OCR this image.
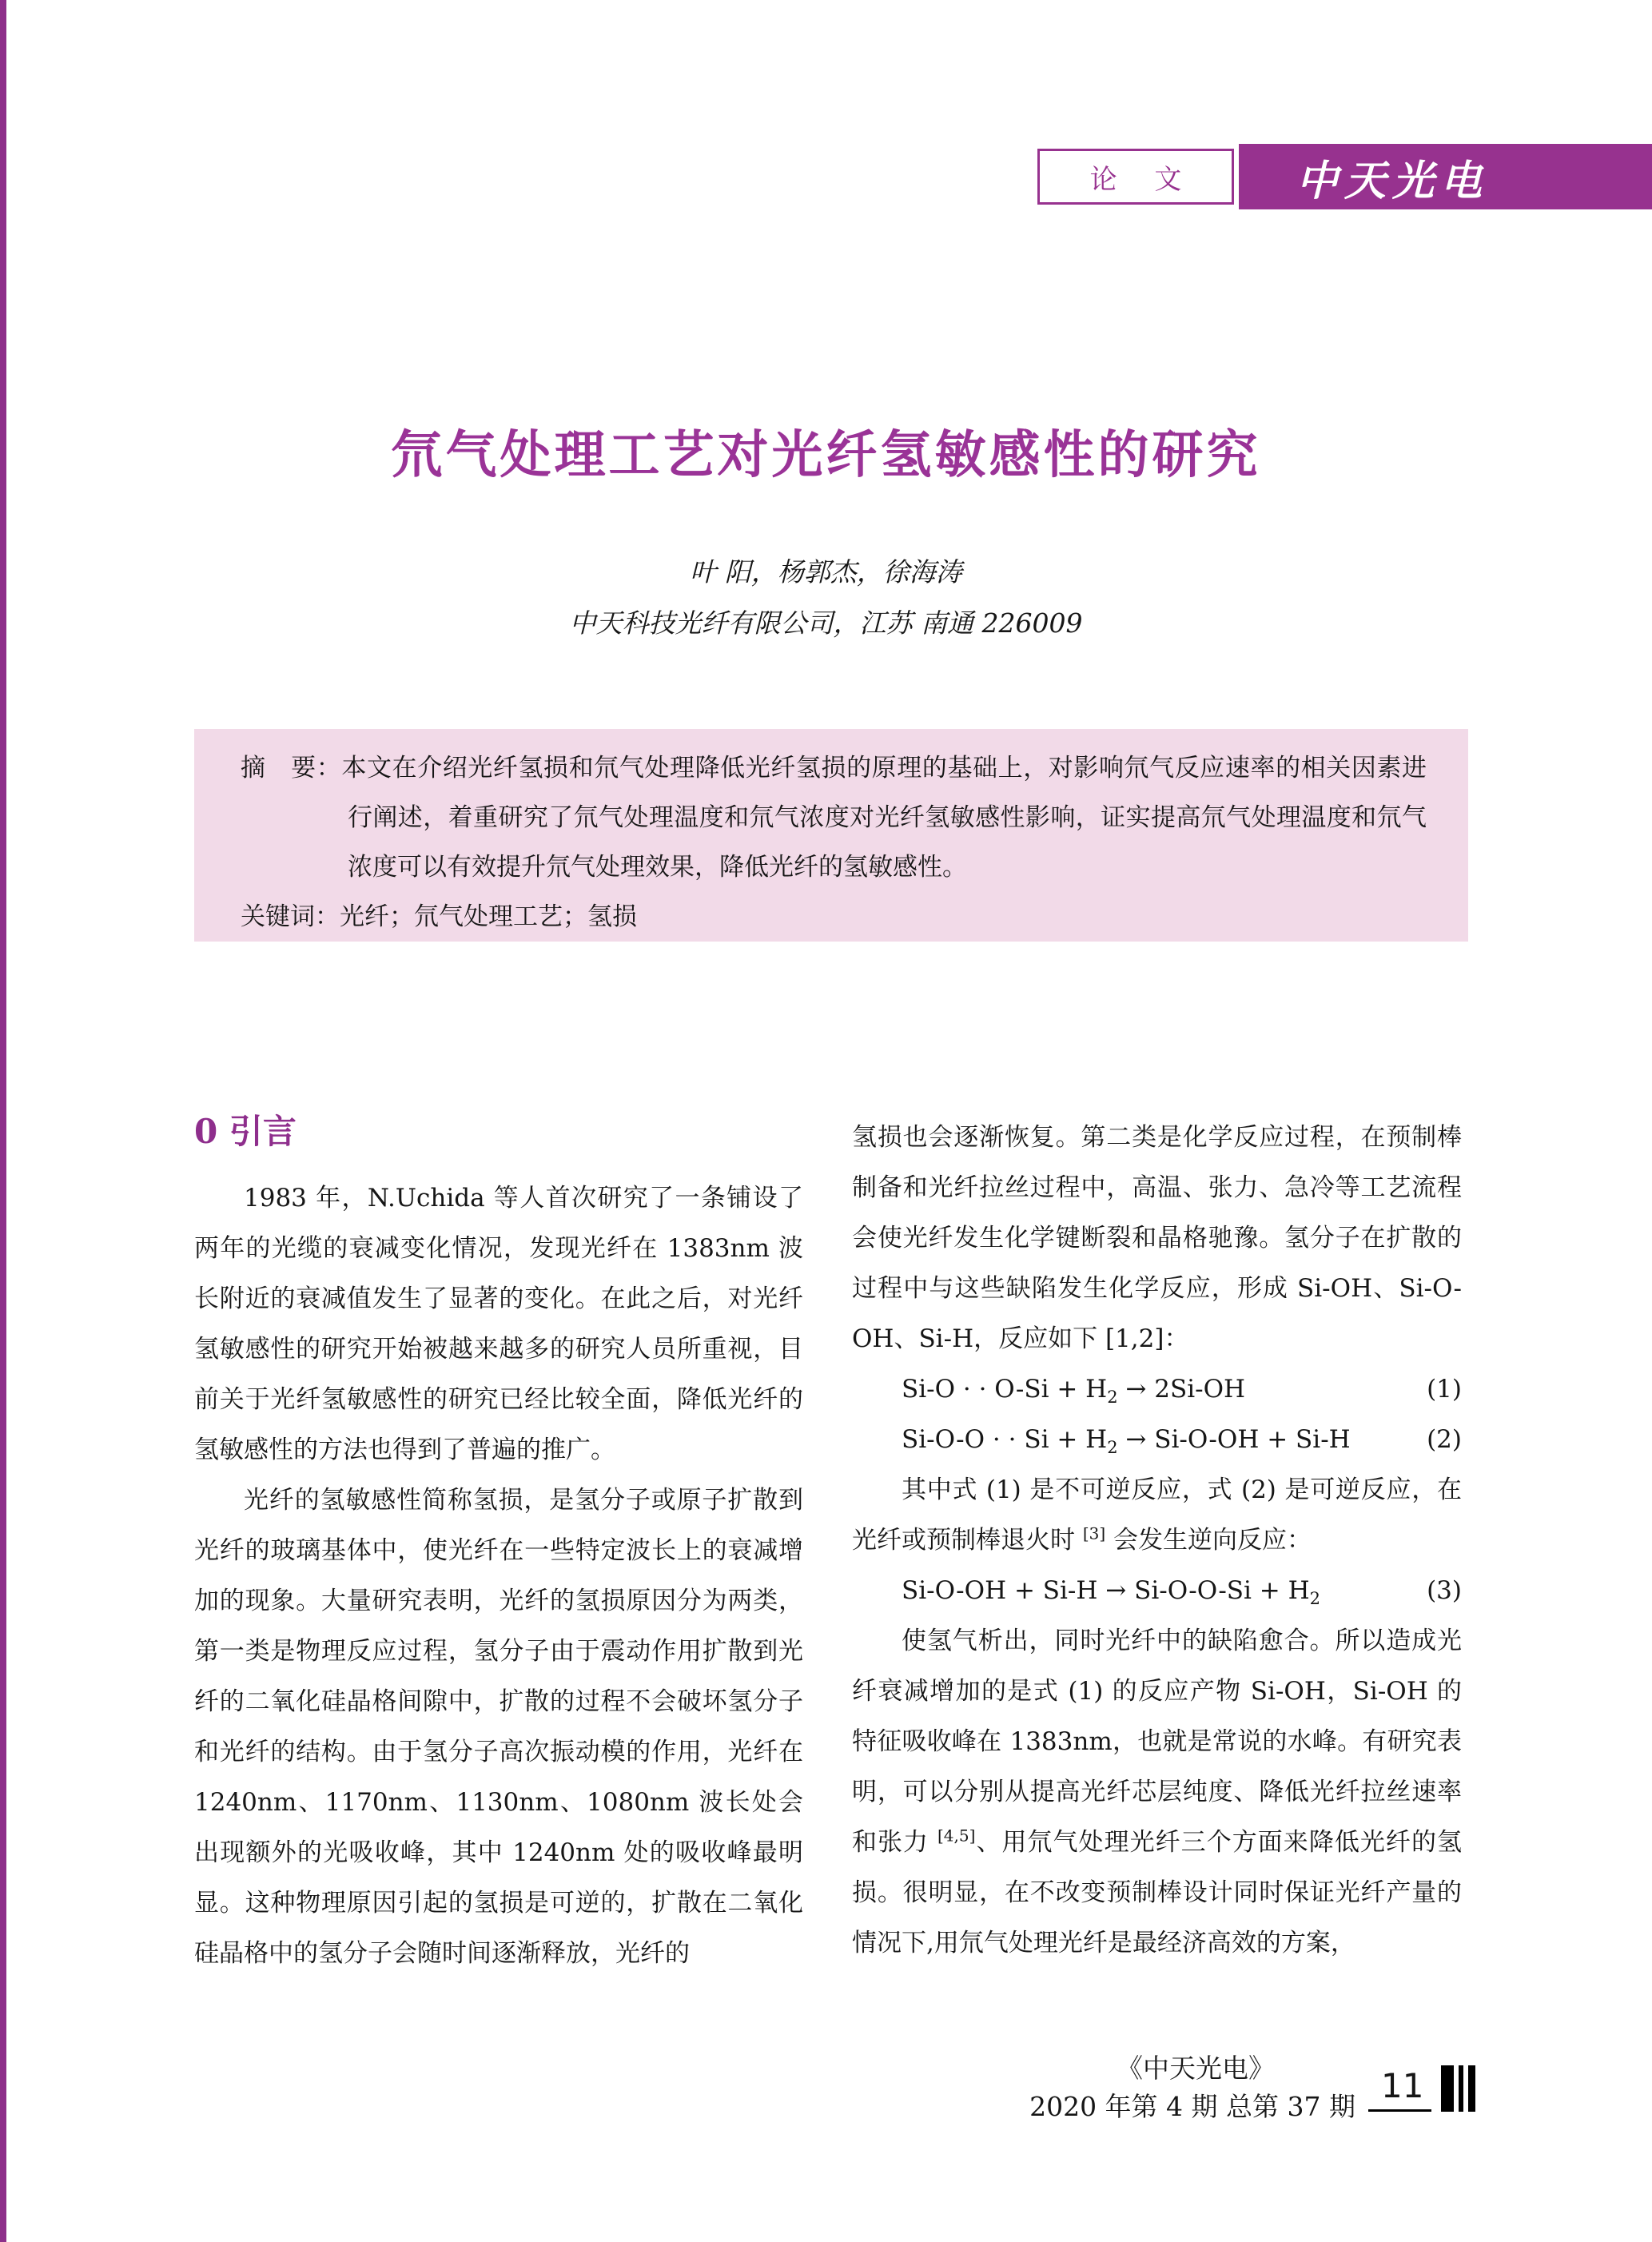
论 文	中天光电
氘气处理工艺对光纤氢敏感性的研究
叶 阳，杨郭杰，徐海涛
中天科技光纤有限公司，江苏 南通 226009

摘　要：本文在介绍光纤氢损和氘气处理降低光纤氢损的原理的基础上，对影响氘气反应速率的相关因素进行阐述，着重研究了氘气处理温度和氘气浓度对光纤氢敏感性影响，证实提高氘气处理温度和氘气浓度可以有效提升氘气处理效果，降低光纤的氢敏感性。

关键词：光纤；氘气处理工艺；氢损

0 引言

1983 年，N.Uchida 等人首次研究了一条铺设了两年的光缆的衰减变化情况，发现光纤在 1383nm 波长附近的衰减值发生了显著的变化。在此之后，对光纤氢敏感性的研究开始被越来越多的研究人员所重视，目前关于光纤氢敏感性的研究已经比较全面，降低光纤的氢敏感性的方法也得到了普遍的推广。

光纤的氢敏感性简称氢损，是氢分子或原子扩散到光纤的玻璃基体中，使光纤在一些特定波长上的衰减增加的现象。大量研究表明，光纤的氢损原因分为两类，第一类是物理反应过程，氢分子由于震动作用扩散到光纤的二氧化硅晶格间隙中，扩散的过程不会破坏氢分子和光纤的结构。由于氢分子高次振动模的作用，光纤在 1240nm、1170nm、1130nm、1080nm 波长处会出现额外的光吸收峰，其中 1240nm 处的吸收峰最明显。这种物理原因引起的氢损是可逆的，扩散在二氧化硅晶格中的氢分子会随时间逐渐释放，光纤的

氢损也会逐渐恢复。第二类是化学反应过程，在预制棒制备和光纤拉丝过程中，高温、张力、急冷等工艺流程会使光纤发生化学键断裂和晶格驰豫。氢分子在扩散的过程中与这些缺陷发生化学反应，形成 Si-OH、Si-O-OH、Si-H，反应如下 [1,2]：

Si-O · · $O-Si + H_2 \to 2Si-OH$	(1)
Si-O-O · · $Si + H_2 \to Si-O-OH + Si-H$	(2)

其中式 (1) 是不可逆反应，式 (2) 是可逆反应，在光纤或预制棒退火时 [3] 会发生逆向反应：

$Si-O-OH + Si-H \to Si-O-O-Si + H_2$	(3)

使氢气析出，同时光纤中的缺陷愈合。所以造成光纤衰减增加的是式 (1) 的反应产物 Si-OH，Si-OH 的特征吸收峰在 1383nm，也就是常说的水峰。有研究表明，可以分别从提高光纤芯层纯度、降低光纤拉丝速率和张力 [4,5]、用氘气处理光纤三个方面来降低光纤的氢损。很明显，在不改变预制棒设计同时保证光纤产量的情况下,用氘气处理光纤是最经济高效的方案，

《中天光电》
2020 年第 4 期 总第 37 期
11
